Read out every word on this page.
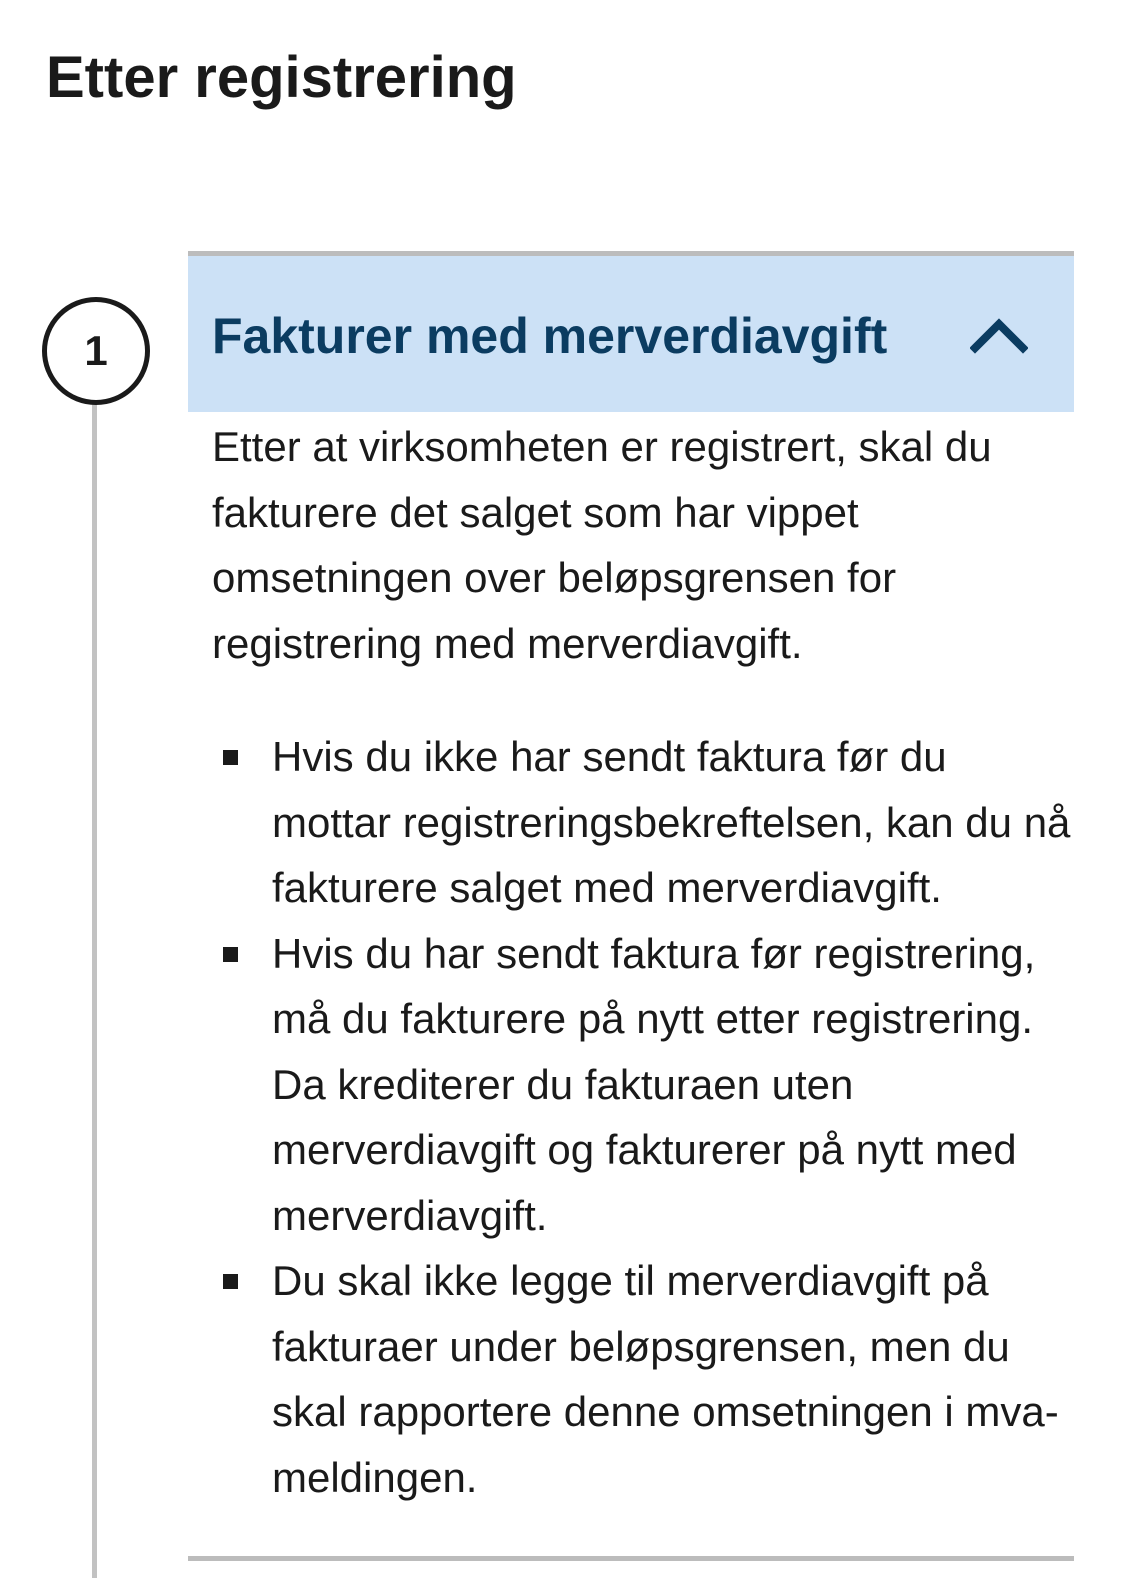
Etter registrering
1 Fakturer med merverdiavgift

Etter at virksomheten er registrert, skal du fakturere det salget som har vippet omsetningen over beløpsgrensen for registrering med merverdiavgift.

Hvis du ikke har sendt faktura før du mottar registreringsbekreftelsen, kan du nå fakturere salget med merverdiavgift.
Hvis du har sendt faktura før registrering, må du fakturere på nytt etter registrering. Da krediterer du fakturaen uten merverdiavgift og fakturerer på nytt med merverdiavgift.
Du skal ikke legge til merverdiavgift på fakturaer under beløpsgrensen, men du skal rapportere denne omsetningen i mva-meldingen.
